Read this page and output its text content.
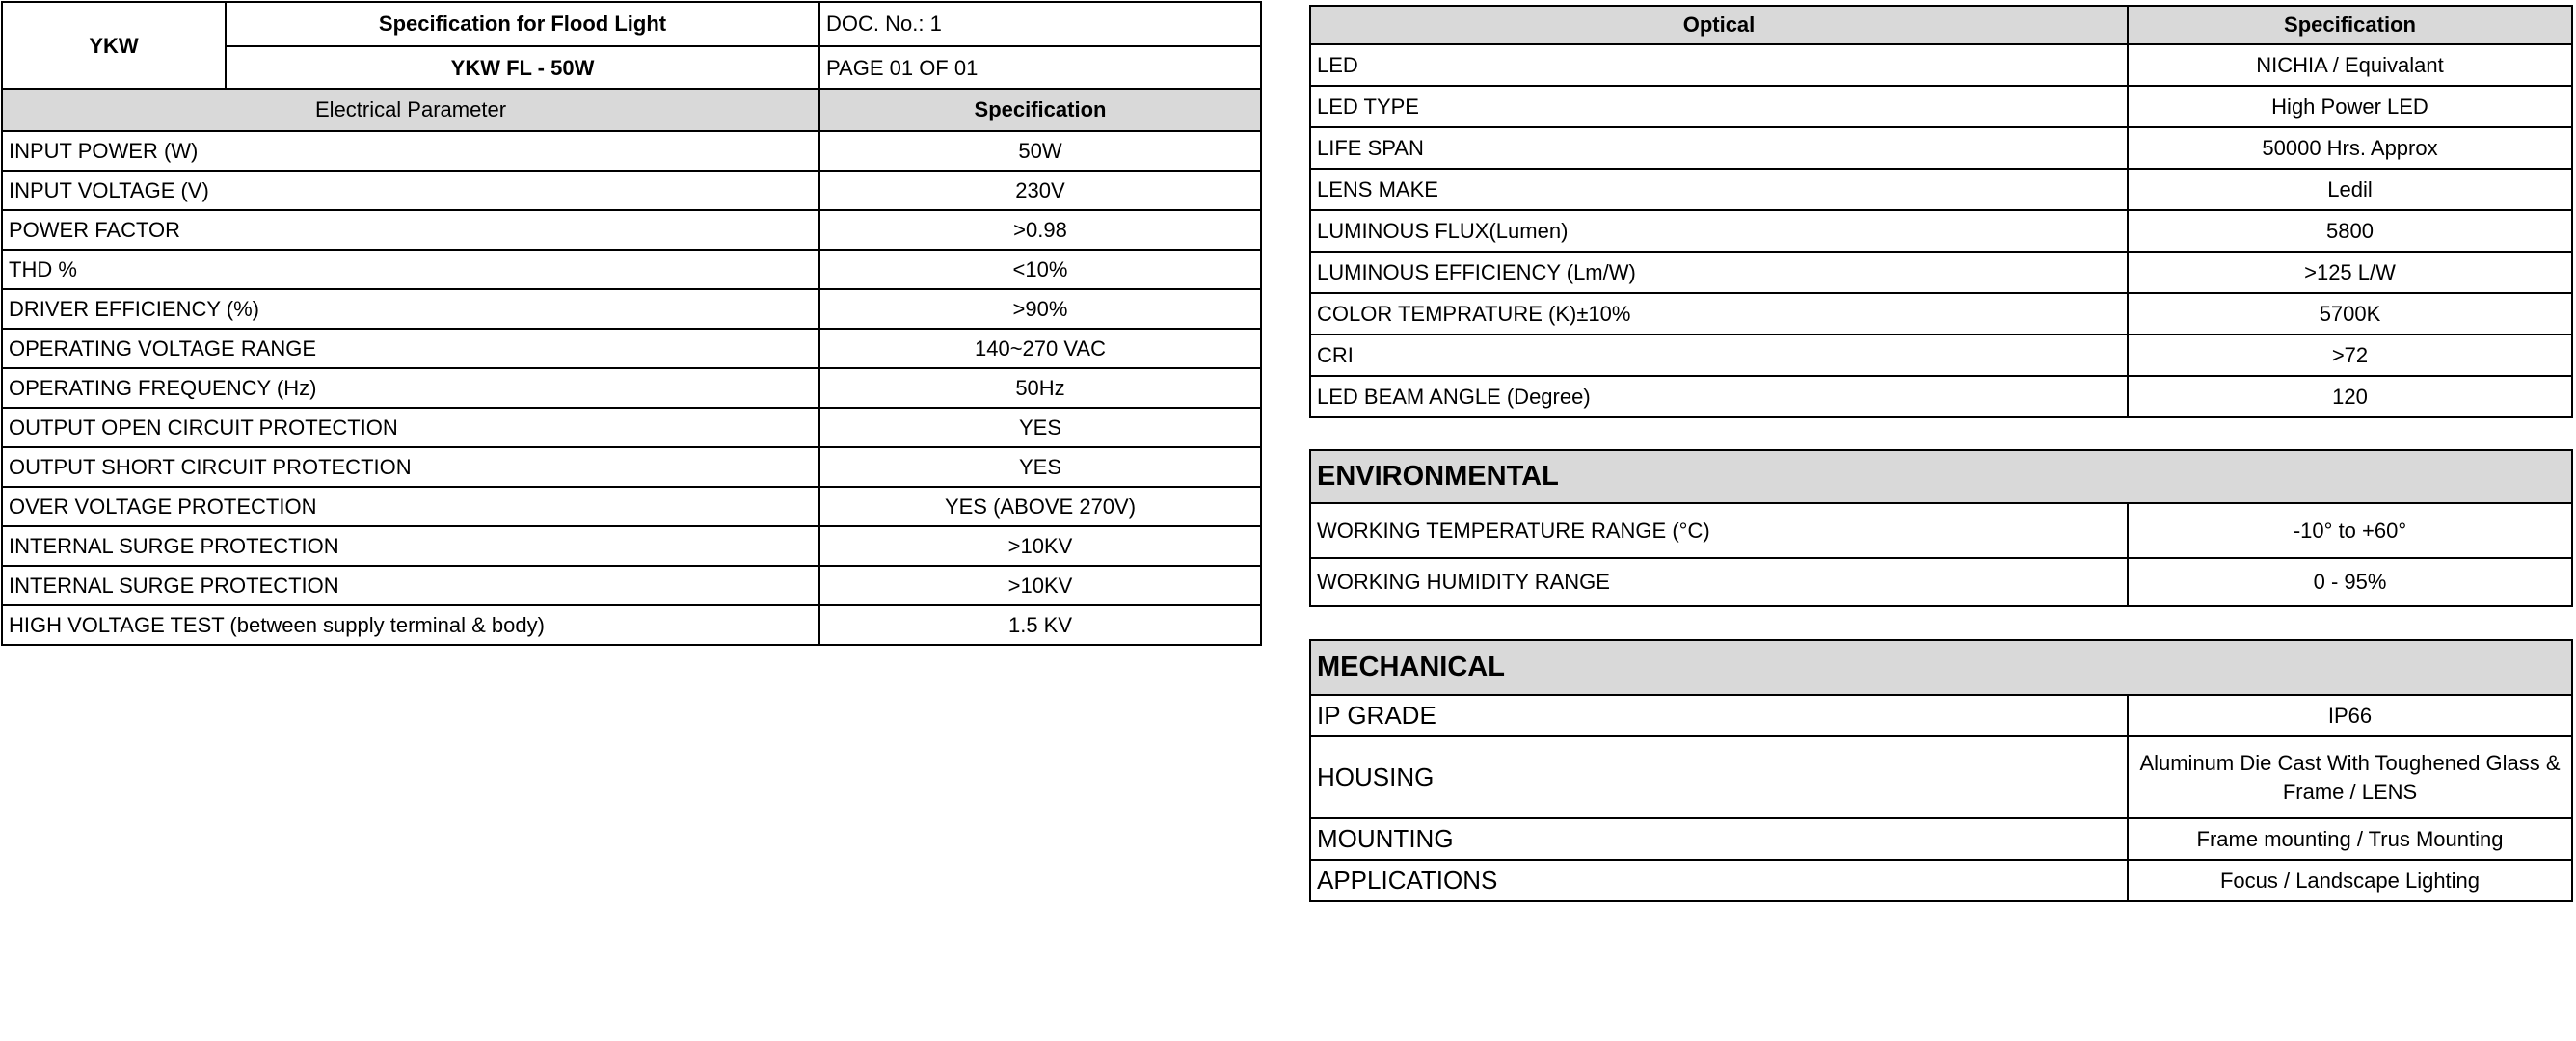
YKW	Specification for Flood Light	DOC. No.: 1
	YKW FL - 50W	PAGE 01 OF 01
Electrical Parameter	Specification
INPUT POWER (W)	50W
INPUT VOLTAGE (V)	230V
POWER FACTOR	>0.98
THD %	<10%
DRIVER EFFICIENCY (%)	>90%
OPERATING VOLTAGE RANGE	140~270 VAC
OPERATING FREQUENCY (Hz)	50Hz
OUTPUT OPEN CIRCUIT PROTECTION	YES
OUTPUT SHORT CIRCUIT PROTECTION	YES
OVER VOLTAGE PROTECTION	YES (ABOVE 270V)
INTERNAL SURGE PROTECTION	>10KV
INTERNAL SURGE PROTECTION	>10KV
HIGH VOLTAGE TEST (between supply terminal & body)	1.5 KV
Optical	Specification
LED	NICHIA / Equivalant
LED TYPE	High Power LED
LIFE SPAN	50000 Hrs. Approx
LENS MAKE	Ledil
LUMINOUS FLUX(Lumen)	5800
LUMINOUS EFFICIENCY (Lm/W)	>125 L/W
COLOR TEMPRATURE (K)±10%	5700K
CRI	>72
LED BEAM ANGLE (Degree)	120
ENVIRONMENTAL	
WORKING TEMPERATURE RANGE (°C)	-10° to +60°
WORKING HUMIDITY RANGE	0 - 95%
MECHANICAL	
IP GRADE	IP66
HOUSING	Aluminum Die Cast With Toughened Glass & Frame / LENS
MOUNTING	Frame mounting / Trus Mounting
APPLICATIONS	Focus / Landscape Lighting
